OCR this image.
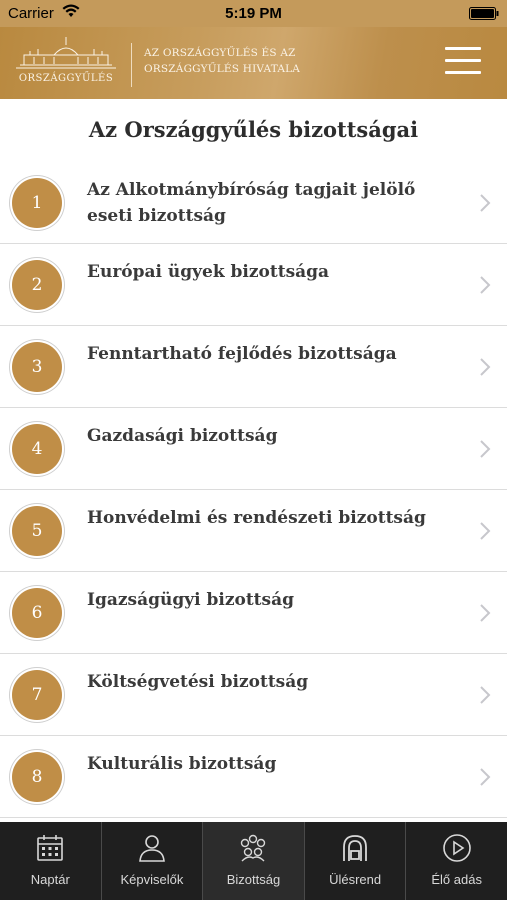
Carrier	5:19 PM
ORSZÁGGYŰLÉS
AZ ORSZÁGGYŰLÉS ÉS AZ
ORSZÁGGYŰLÉS HIVATALA
Az Országgyűlés bizottságai
1
Az Alkotmánybíróság tagjait jelölő eseti bizottság
2
Európai ügyek bizottsága
3
Fenntartható fejlődés bizottsága
4
Gazdasági bizottság
5
Honvédelmi és rendészeti bizottság
6
Igazságügyi bizottság
7
Költségvetési bizottság
8
Kulturális bizottság
Naptár	Képviselők	Bizottság	Ülésrend	Élő adás
